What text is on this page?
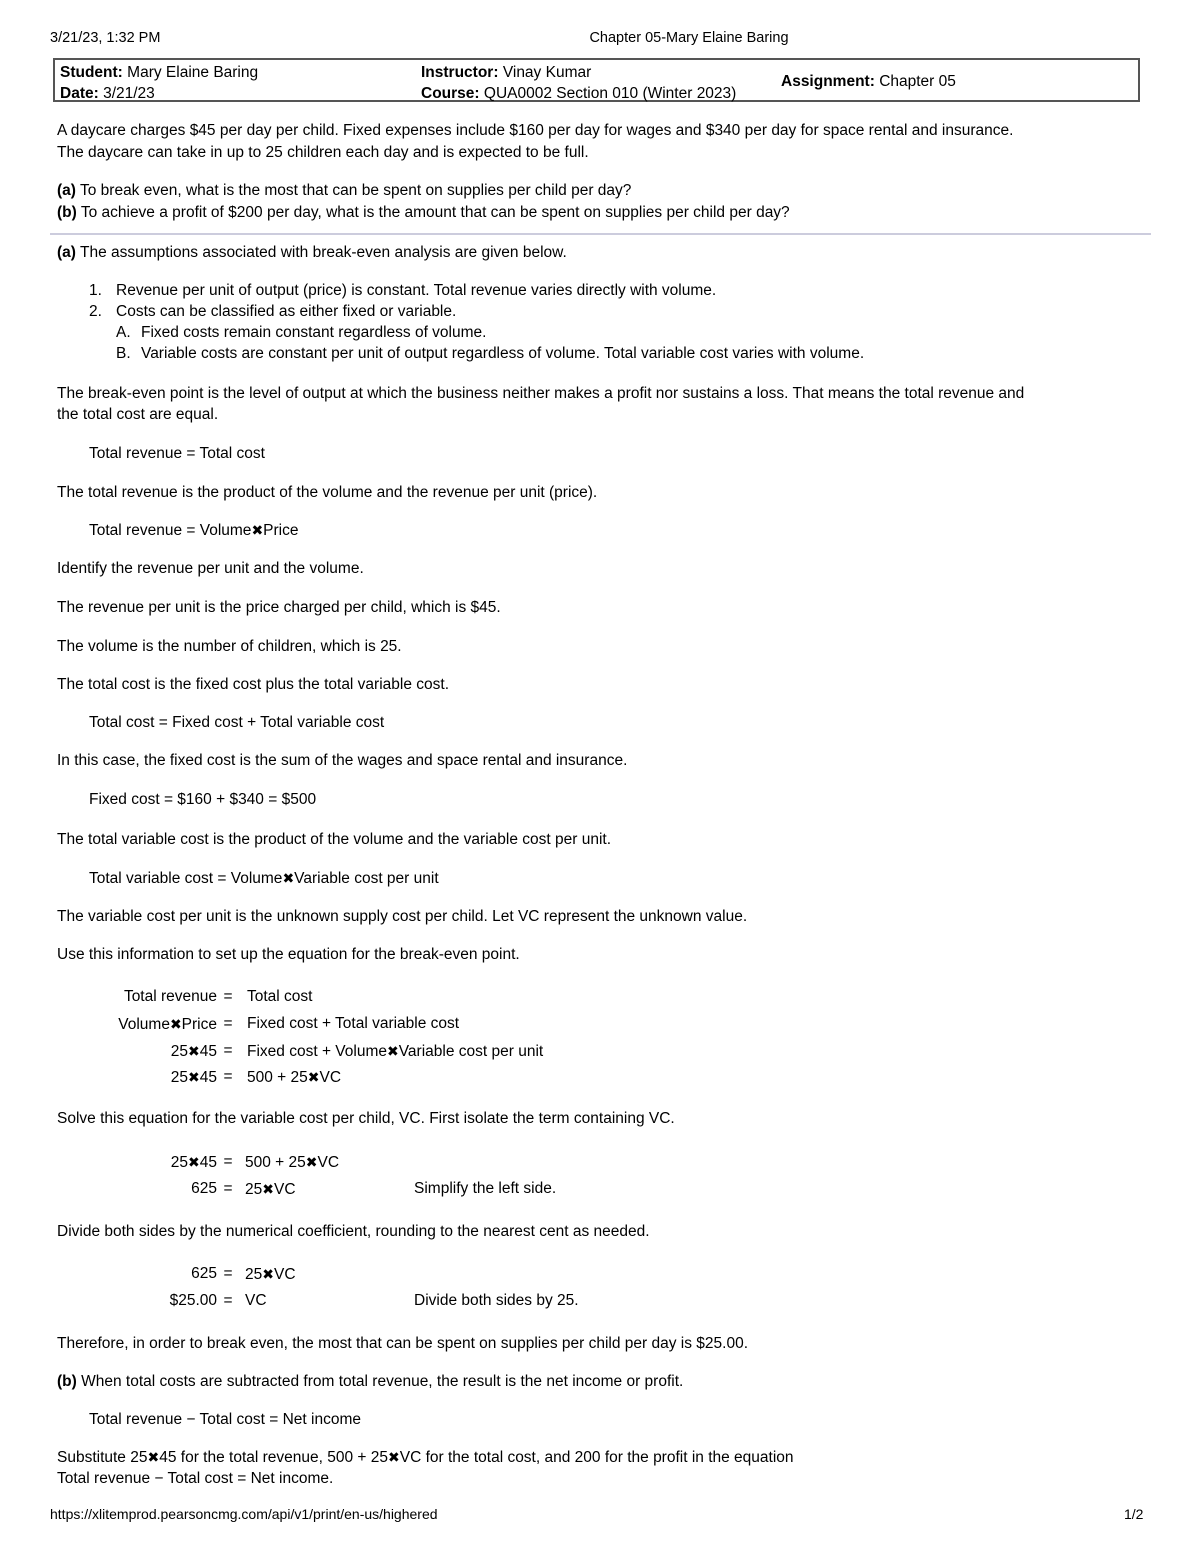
3/21/23, 1:32 PM	Chapter 05-Mary Elaine Baring
Student: Mary Elaine Baring
Date: 3/21/23
Instructor: Vinay Kumar
Course: QUA0002 Section 010 (Winter 2023)
Assignment: Chapter 05
A daycare charges $45 per day per child. Fixed expenses include $160 per day for wages and $340 per day for space rental and insurance.
The daycare can take in up to 25 children each day and is expected to be full.
(a) To break even, what is the most that can be spent on supplies per child per day?
(b) To achieve a profit of $200 per day, what is the amount that can be spent on supplies per child per day?
(a) The assumptions associated with break-even analysis are given below.
1. Revenue per unit of output (price) is constant. Total revenue varies directly with volume.
2. Costs can be classified as either fixed or variable.
A. Fixed costs remain constant regardless of volume.
B. Variable costs are constant per unit of output regardless of volume. Total variable cost varies with volume.
The break-even point is the level of output at which the business neither makes a profit nor sustains a loss. That means the total revenue and
the total cost are equal.
Total revenue = Total cost
The total revenue is the product of the volume and the revenue per unit (price).
Total revenue = Volume✖Price
Identify the revenue per unit and the volume.
The revenue per unit is the price charged per child, which is $45.
The volume is the number of children, which is 25.
The total cost is the fixed cost plus the total variable cost.
Total cost = Fixed cost + Total variable cost
In this case, the fixed cost is the sum of the wages and space rental and insurance.
Fixed cost = $160 + $340 = $500
The total variable cost is the product of the volume and the variable cost per unit.
Total variable cost = Volume✖Variable cost per unit
The variable cost per unit is the unknown supply cost per child. Let VC represent the unknown value.
Use this information to set up the equation for the break-even point.
Total revenue = Total cost
Volume✖Price = Fixed cost + Total variable cost
25✖45 = Fixed cost + Volume✖Variable cost per unit
25✖45 = 500 + 25✖VC
Solve this equation for the variable cost per child, VC. First isolate the term containing VC.
25✖45 = 500 + 25✖VC
625 = 25✖VC	Simplify the left side.
Divide both sides by the numerical coefficient, rounding to the nearest cent as needed.
625 = 25✖VC
$25.00 = VC	Divide both sides by 25.
Therefore, in order to break even, the most that can be spent on supplies per child per day is $25.00.
(b) When total costs are subtracted from total revenue, the result is the net income or profit.
Total revenue − Total cost = Net income
Substitute 25✖45 for the total revenue, 500 + 25✖VC for the total cost, and 200 for the profit in the equation
Total revenue − Total cost = Net income.
https://xlitemprod.pearsoncmg.com/api/v1/print/en-us/highered	1/2
